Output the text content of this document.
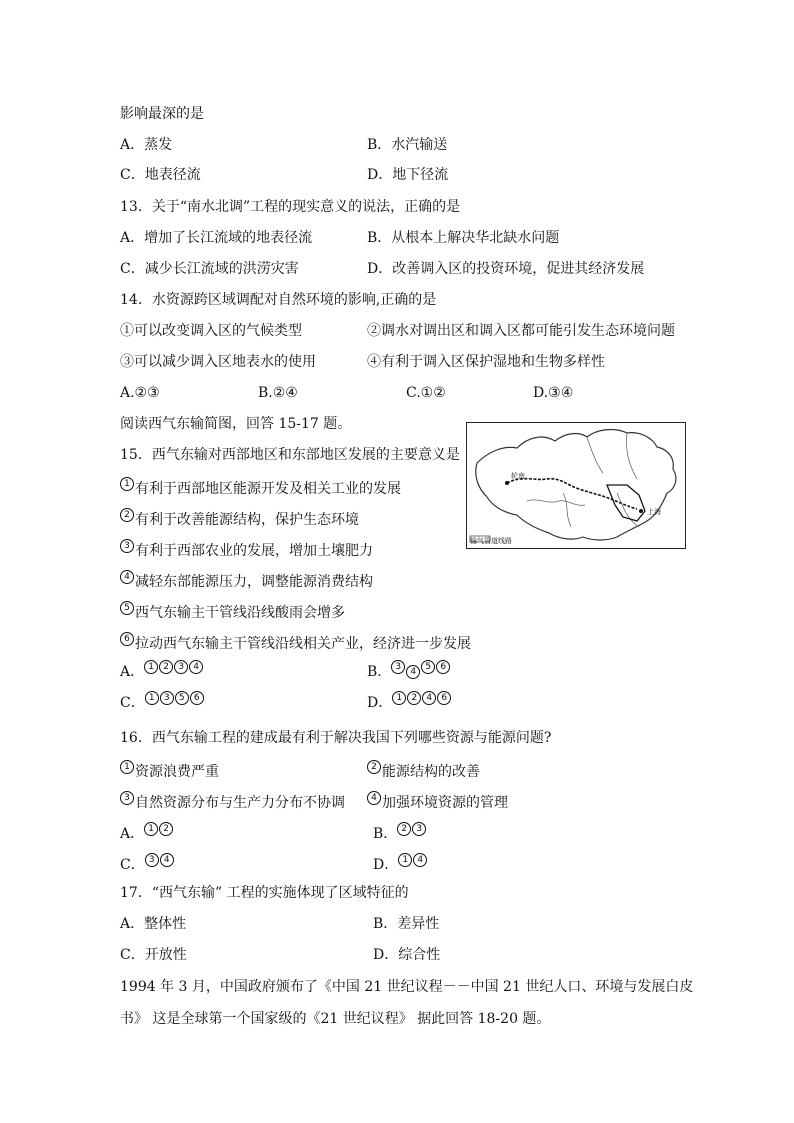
影响最深的是
A．蒸发	B．水汽输送
C．地表径流	D．地下径流
13．关于“南水北调”工程的现实意义的说法，正确的是
A．增加了长江流域的地表径流	B．从根本上解决华北缺水问题
C．减少长江流域的洪涝灾害	D．改善调入区的投资环境，促进其经济发展
14．水资源跨区域调配对自然环境的影响,正确的是
①可以改变调入区的气候类型	②调水对调出区和调入区都可能引发生态环境问题
③可以减少调入区地表水的使用	④有利于调入区保护湿地和生物多样性
A.②③	B.②④	C.①②	D.③④
阅读西气东输简图，回答 15-17 题。
轮南
上海
输气管道线路
15．西气东输对西部地区和东部地区发展的主要意义是
1 有利于西部地区能源开发及相关工业的发展
2 有利于改善能源结构，保护生态环境
3 有利于西部农业的发展，增加土壤肥力
4 减轻东部能源压力，调整能源消费结构
5 西气东输主干管线沿线酸雨会增多
6 拉动西气东输主干管线沿线相关产业，经济进一步发展
A． 1 2 3 4	B． 3 4 5 6
C． 1 3 5 6	D． 1 2 4 6
16．西气东输工程的建成最有利于解决我国下列哪些资源与能源问题?
1 资源浪费严重	2 能源结构的改善
3 自然资源分布与生产力分布不协调	4 加强环境资源的管理
A． 1 2	B． 2 3
C． 3 4	D． 1 4
17．“西气东输” 工程的实施体现了区域特征的
A．整体性	B．差异性
C．开放性	D．综合性
1994 年 3 月，中国政府颁布了《中国 21 世纪议程－－中国 21 世纪人口、环境与发展白皮
书》 这是全球第一个国家级的《21 世纪议程》 据此回答 18-20 题。
